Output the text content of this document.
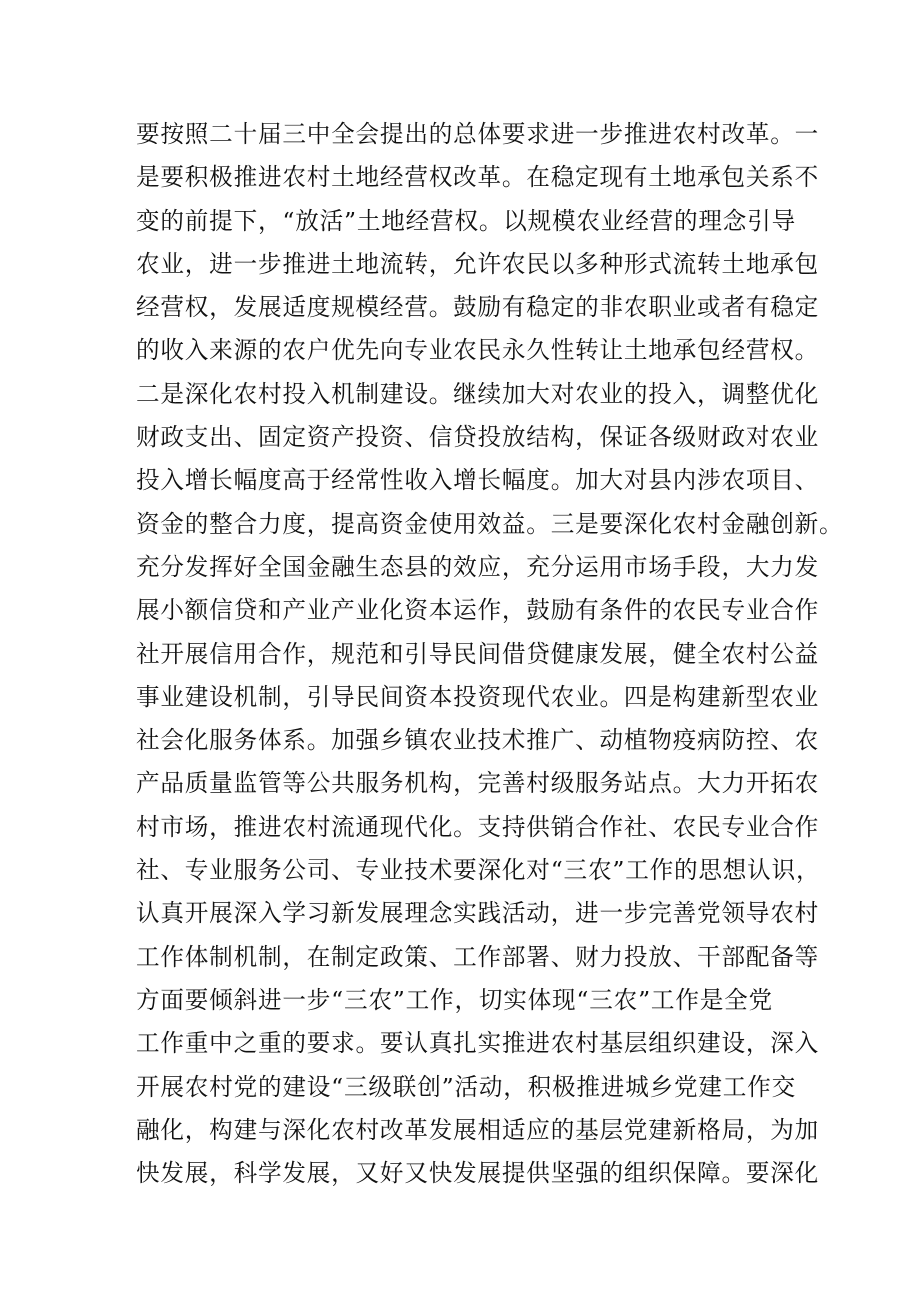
要按照二十届三中全会提出的总体要求进一步推进农村改革。一
是要积极推进农村土地经营权改革。在稳定现有土地承包关系不
变的前提下，“放活”土地经营权。以规模农业经营的理念引导
农业，进一步推进土地流转，允许农民以多种形式流转土地承包
经营权，发展适度规模经营。鼓励有稳定的非农职业或者有稳定
的收入来源的农户优先向专业农民永久性转让土地承包经营权。
二是深化农村投入机制建设。继续加大对农业的投入，调整优化
财政支出、固定资产投资、信贷投放结构，保证各级财政对农业
投入增长幅度高于经常性收入增长幅度。加大对县内涉农项目、
资金的整合力度，提高资金使用效益。三是要深化农村金融创新。
充分发挥好全国金融生态县的效应，充分运用市场手段，大力发
展小额信贷和产业产业化资本运作，鼓励有条件的农民专业合作
社开展信用合作，规范和引导民间借贷健康发展，健全农村公益
事业建设机制，引导民间资本投资现代农业。四是构建新型农业
社会化服务体系。加强乡镇农业技术推广、动植物疫病防控、农
产品质量监管等公共服务机构，完善村级服务站点。大力开拓农
村市场，推进农村流通现代化。支持供销合作社、农民专业合作
社、专业服务公司、专业技术要深化对“三农”工作的思想认识，
认真开展深入学习新发展理念实践活动，进一步完善党领导农村
工作体制机制，在制定政策、工作部署、财力投放、干部配备等
方面要倾斜进一步“三农”工作，切实体现“三农”工作是全党
工作重中之重的要求。要认真扎实推进农村基层组织建设，深入
开展农村党的建设“三级联创”活动，积极推进城乡党建工作交
融化，构建与深化农村改革发展相适应的基层党建新格局，为加
快发展，科学发展，又好又快发展提供坚强的组织保障。要深化
